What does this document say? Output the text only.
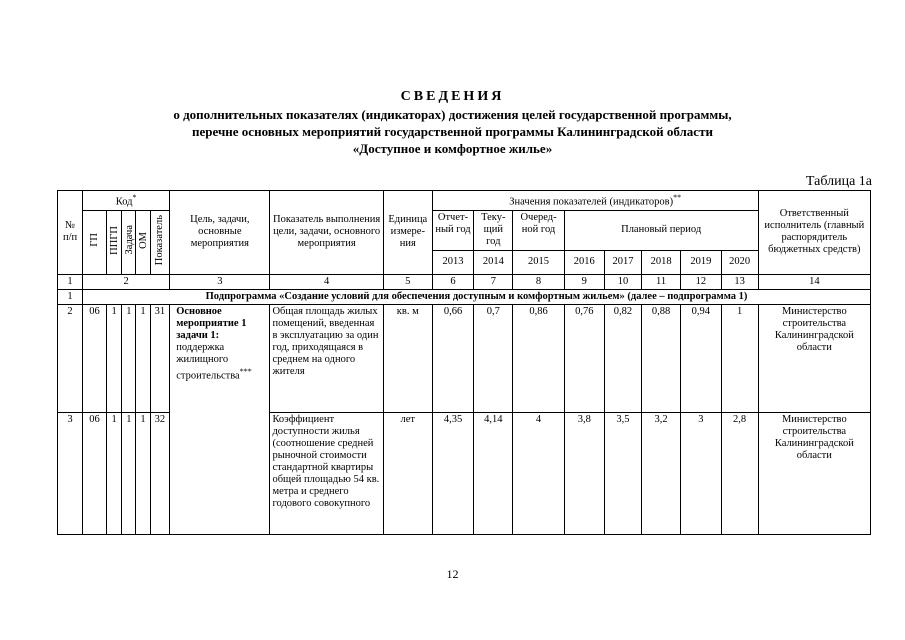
СВЕДЕНИЯ
о дополнительных показателях (индикаторах) достижения целей государственной программы,
перечне основных мероприятий государственной программы Калининградской области
«Доступное и комфортное жилье»
Таблица 1а
№ п/п	Код*					Цель, задачи, основные мероприятия	Показатель выполнения цели, задачи, основного мероприятия	Единица измере-ния	Значения показателей (индикаторов)**								Ответственный исполнитель (главный распорядитель бюджетных средств)
	ГП	ППГП	Задача	ОМ	Показатель				Отчет-ный год	Теку-щий год	Очеред-ной год	Плановый период					
									2013	2014	2015	2016	2017	2018	2019	2020	
1	2					3	4	5	6	7	8	9	10	11	12	13	14
1	Подпрограмма «Создание условий для обеспечения доступным и комфортным жильем» (далее – подпрограмма 1)																
2	06	1	1	1	31	Основное мероприятие 1 задачи 1: поддержка жилищного строительства***	Общая площадь жилых помещений, введенная в эксплуатацию за один год, приходящаяся в среднем на одного жителя	кв. м	0,66	0,7	0,86	0,76	0,82	0,88	0,94	1	Министерство строительства Калининградской области
3	06	1	1	1	32		Коэффициент доступности жилья (соотношение средней рыночной стоимости стандартной квартиры общей площадью 54 кв. метра и среднего годового совокупного	лет	4,35	4,14	4	3,8	3,5	3,2	3	2,8	Министерство строительства Калининградской области
12
